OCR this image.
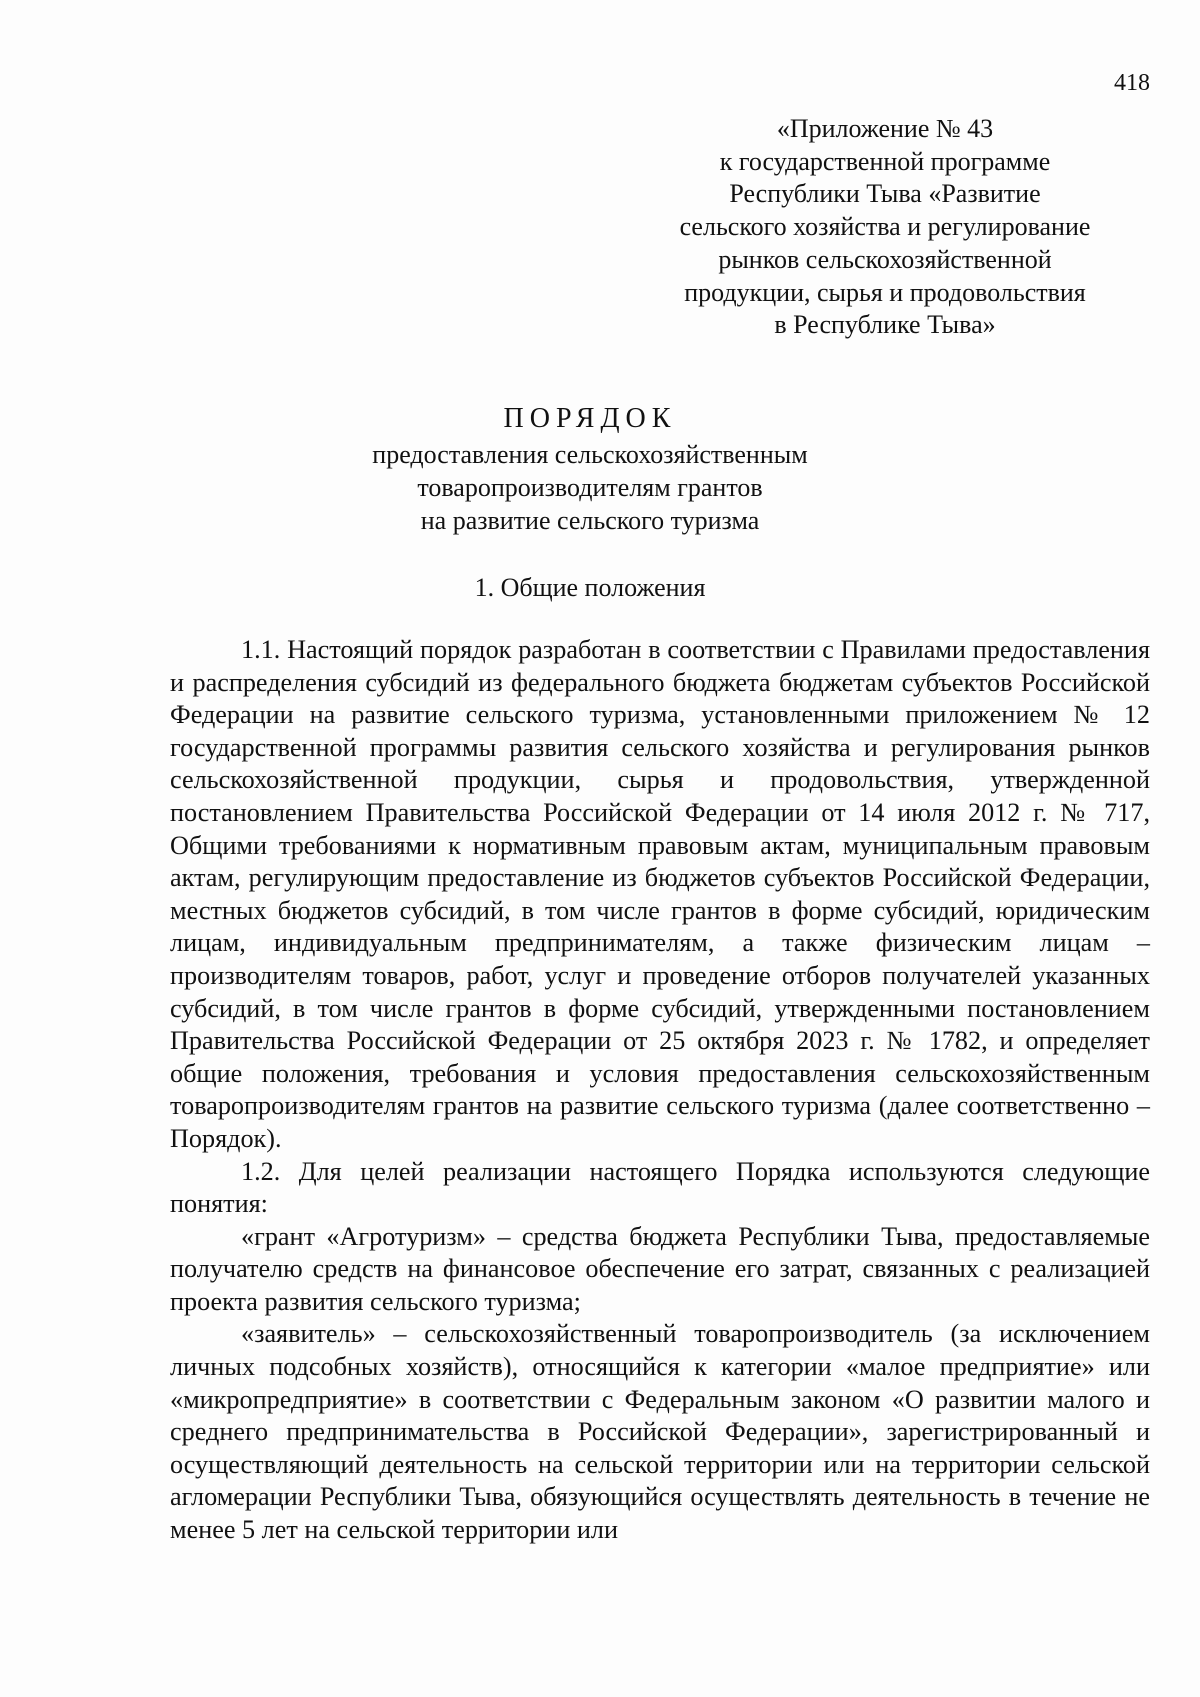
418
«Приложение № 43
к государственной программе
Республики Тыва «Развитие
сельского хозяйства и регулирование
рынков сельскохозяйственной
продукции, сырья и продовольствия
в Республике Тыва»
ПОРЯДОК
предоставления сельскохозяйственным
товаропроизводителям грантов
на развитие сельского туризма
1. Общие положения

1.1. Настоящий порядок разработан в соответствии с Правилами предоставления и распределения субсидий из федерального бюджета бюджетам субъектов Российской Федерации на развитие сельского туризма, установленными приложением № 12 государственной программы развития сельского хозяйства и регулирования рынков сельскохозяйственной продукции, сырья и продовольствия, утвержденной постановлением Правительства Российской Федерации от 14 июля 2012 г. № 717, Общими требованиями к нормативным правовым актам, муниципальным правовым актам, регулирующим предоставление из бюджетов субъектов Российской Федерации, местных бюджетов субсидий, в том числе грантов в форме субсидий, юридическим лицам, индивидуальным предпринимателям, а также физическим лицам – производителям товаров, работ, услуг и проведение отборов получателей указанных субсидий, в том числе грантов в форме субсидий, утвержденными постановлением Правительства Российской Федерации от 25 октября 2023 г. № 1782, и определяет общие положения, требования и условия предоставления сельскохозяйственным товаропроизводителям грантов на развитие сельского туризма (далее соответственно – Порядок).

1.2. Для целей реализации настоящего Порядка используются следующие понятия:

«грант «Агротуризм» – средства бюджета Республики Тыва, предоставляемые получателю средств на финансовое обеспечение его затрат, связанных с реализацией проекта развития сельского туризма;

«заявитель» – сельскохозяйственный товаропроизводитель (за исключением личных подсобных хозяйств), относящийся к категории «малое предприятие» или «микропредприятие» в соответствии с Федеральным законом «О развитии малого и среднего предпринимательства в Российской Федерации», зарегистрированный и осуществляющий деятельность на сельской территории или на территории сельской агломерации Республики Тыва, обязующийся осуществлять деятельность в течение не менее 5 лет на сельской территории или
